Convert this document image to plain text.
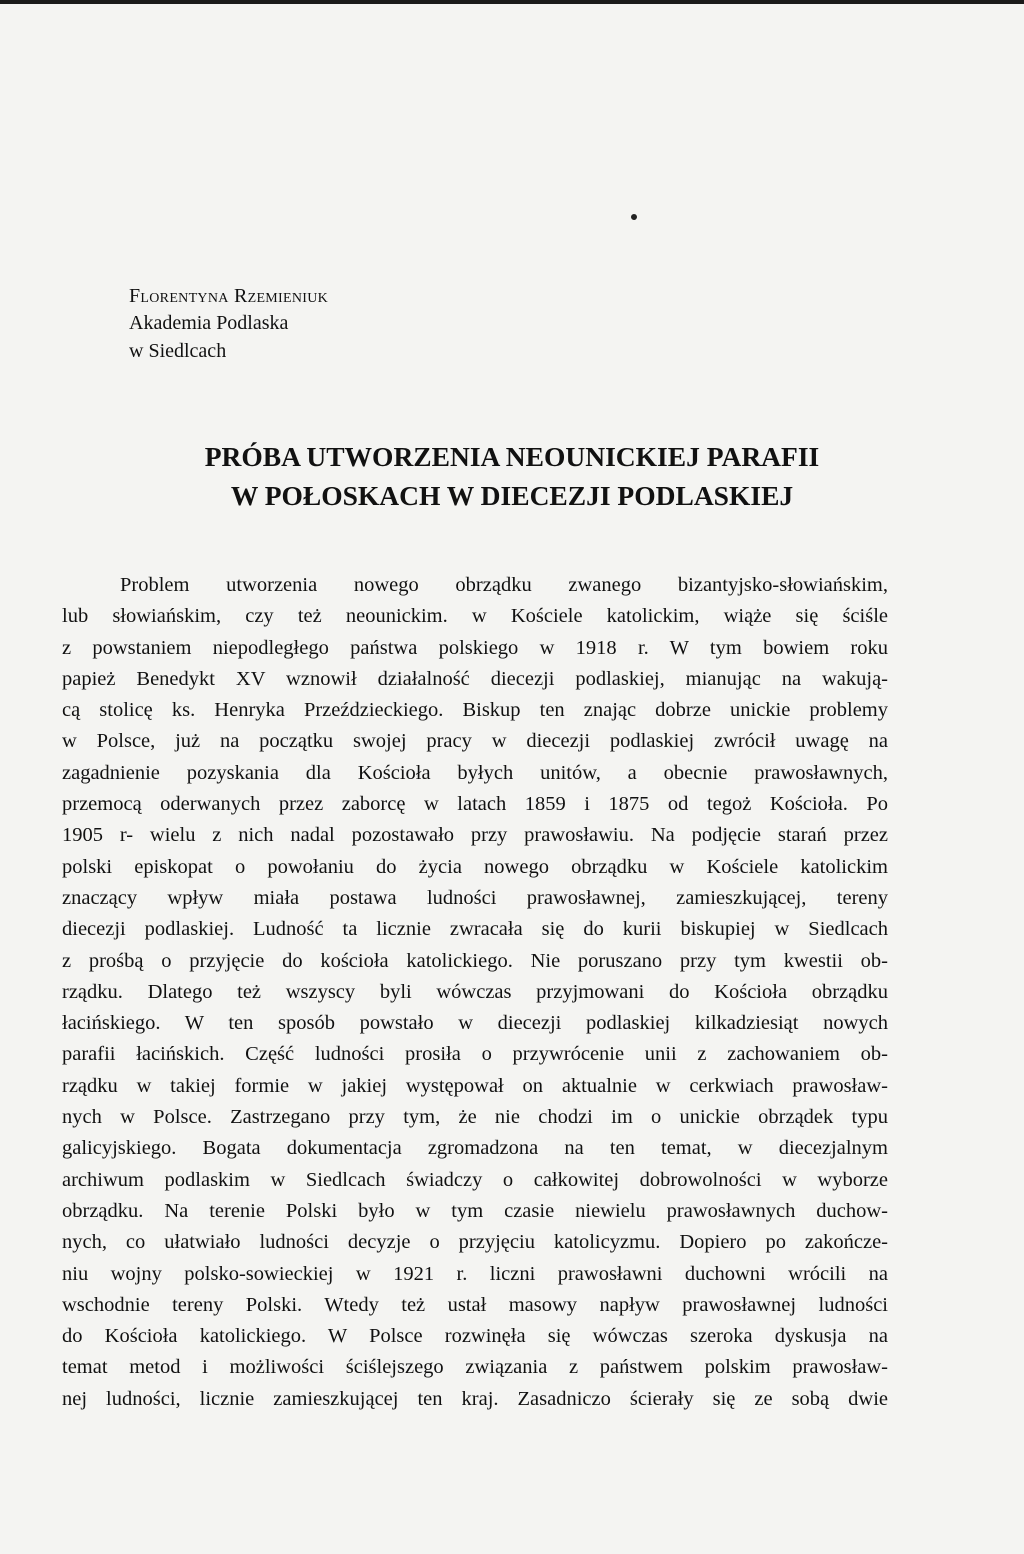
Florentyna Rzemieniuk
Akademia Podlaska
w Siedlcach
PRÓBA UTWORZENIA NEOUNICKIEJ PARAFII
W POŁOSKACH W DIECEZJI PODLASKIEJ
Problem utworzenia nowego obrządku zwanego bizantyjsko-słowiańskim,
lub słowiańskim, czy też neounickim. w Kościele katolickim, wiąże się ściśle
z powstaniem niepodległego państwa polskiego w 1918 r. W tym bowiem roku
papież Benedykt XV wznowił działalność diecezji podlaskiej, mianując na wakują-
cą stolicę ks. Henryka Przeździeckiego. Biskup ten znając dobrze unickie problemy
w Polsce, już na początku swojej pracy w diecezji podlaskiej zwrócił uwagę na
zagadnienie pozyskania dla Kościoła byłych unitów, a obecnie prawosławnych,
przemocą oderwanych przez zaborcę w latach 1859 i 1875 od tegoż Kościoła. Po
1905 r- wielu z nich nadal pozostawało przy prawosławiu. Na podjęcie starań przez
polski episkopat o powołaniu do życia nowego obrządku w Kościele katolickim
znaczący wpływ miała postawa ludności prawosławnej, zamieszkującej, tereny
diecezji podlaskiej. Ludność ta licznie zwracała się do kurii biskupiej w Siedlcach
z prośbą o przyjęcie do kościoła katolickiego. Nie poruszano przy tym kwestii ob-
rządku. Dlatego też wszyscy byli wówczas przyjmowani do Kościoła obrządku
łacińskiego. W ten sposób powstało w diecezji podlaskiej kilkadziesiąt nowych
parafii łacińskich. Część ludności prosiła o przywrócenie unii z zachowaniem ob-
rządku w takiej formie w jakiej występował on aktualnie w cerkwiach prawosław-
nych w Polsce. Zastrzegano przy tym, że nie chodzi im o unickie obrządek typu
galicyjskiego. Bogata dokumentacja zgromadzona na ten temat, w diecezjalnym
archiwum podlaskim w Siedlcach świadczy o całkowitej dobrowolności w wyborze
obrządku. Na terenie Polski było w tym czasie niewielu prawosławnych duchow-
nych, co ułatwiało ludności decyzje o przyjęciu katolicyzmu. Dopiero po zakończe-
niu wojny polsko-sowieckiej w 1921 r. liczni prawosławni duchowni wrócili na
wschodnie tereny Polski. Wtedy też ustał masowy napływ prawosławnej ludności
do Kościoła katolickiego. W Polsce rozwinęła się wówczas szeroka dyskusja na
temat metod i możliwości ściślejszego związania z państwem polskim prawosław-
nej ludności, licznie zamieszkującej ten kraj. Zasadniczo ścierały się ze sobą dwie
